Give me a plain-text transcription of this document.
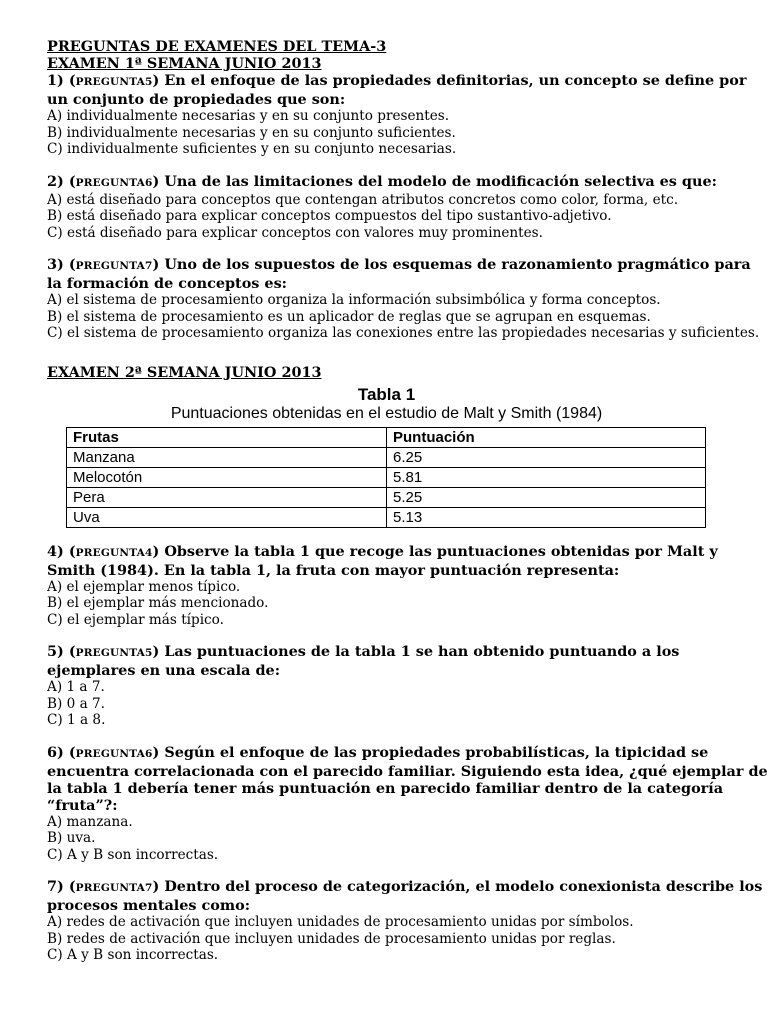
PREGUNTAS DE EXAMENES DEL TEMA-3
EXAMEN 1ª SEMANA JUNIO 2013

1) (PREGUNTA5) En el enfoque de las propiedades definitorias, un concepto se define por un conjunto de propiedades que son:

A) individualmente necesarias y en su conjunto presentes.

B) individualmente necesarias y en su conjunto suficientes.

C) individualmente suficientes y en su conjunto necesarias.

2) (PREGUNTA6) Una de las limitaciones del modelo de modificación selectiva es que:

A) está diseñado para conceptos que contengan atributos concretos como color, forma, etc.

B) está diseñado para explicar conceptos compuestos del tipo sustantivo-adjetivo.

C) está diseñado para explicar conceptos con valores muy prominentes.

3) (PREGUNTA7) Uno de los supuestos de los esquemas de razonamiento pragmático para la formación de conceptos es:

A) el sistema de procesamiento organiza la información subsimbólica y forma conceptos.

B) el sistema de procesamiento es un aplicador de reglas que se agrupan en esquemas.

C) el sistema de procesamiento organiza las conexiones entre las propiedades necesarias y suficientes.

EXAMEN 2ª SEMANA JUNIO 2013
Tabla 1
Puntuaciones obtenidas en el estudio de Malt y Smith (1984)
Frutas	Puntuación
Manzana	6.25
Melocotón	5.81
Pera	5.25
Uva	5.13

4) (PREGUNTA4) Observe la tabla 1 que recoge las puntuaciones obtenidas por Malt y Smith (1984). En la tabla 1, la fruta con mayor puntuación representa:

A) el ejemplar menos típico.

B) el ejemplar más mencionado.

C) el ejemplar más típico.

5) (PREGUNTA5) Las puntuaciones de la tabla 1 se han obtenido puntuando a los ejemplares en una escala de:

A) 1 a 7.

B) 0 a 7.

C) 1 a 8.

6) (PREGUNTA6) Según el enfoque de las propiedades probabilísticas, la tipicidad se encuentra correlacionada con el parecido familiar. Siguiendo esta idea, ¿qué ejemplar de la tabla 1 debería tener más puntuación en parecido familiar dentro de la categoría “fruta”?:

A) manzana.

B) uva.

C) A y B son incorrectas.

7) (PREGUNTA7) Dentro del proceso de categorización, el modelo conexionista describe los procesos mentales como:

A) redes de activación que incluyen unidades de procesamiento unidas por símbolos.

B) redes de activación que incluyen unidades de procesamiento unidas por reglas.

C) A y B son incorrectas.
